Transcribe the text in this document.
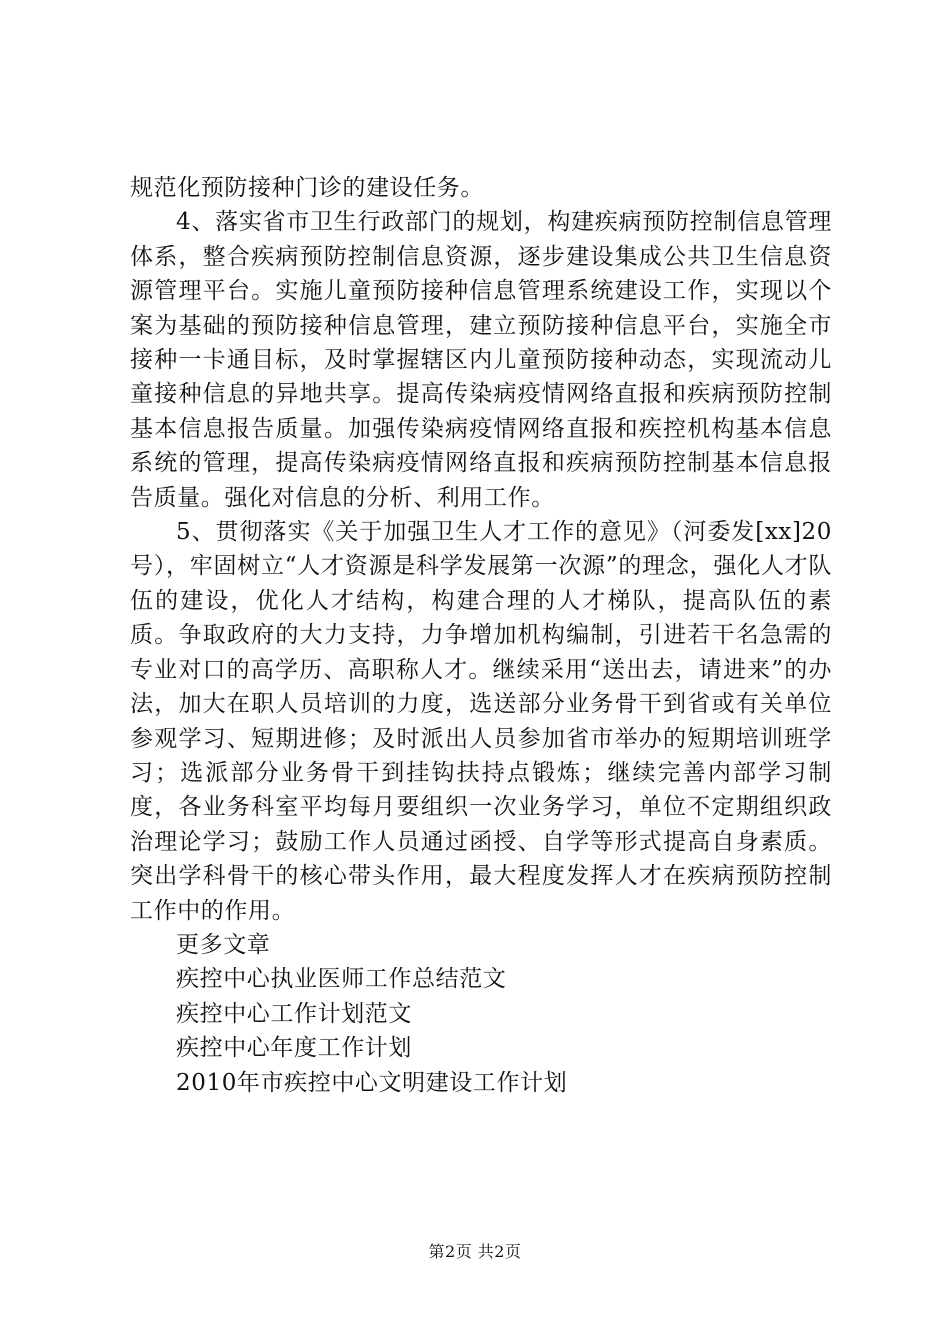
规范化预防接种门诊的建设任务。

4、落实省市卫生行政部门的规划，构建疾病预防控制信息管理体系，整合疾病预防控制信息资源，逐步建设集成公共卫生信息资源管理平台。实施儿童预防接种信息管理系统建设工作，实现以个案为基础的预防接种信息管理，建立预防接种信息平台，实施全市接种一卡通目标，及时掌握辖区内儿童预防接种动态，实现流动儿童接种信息的异地共享。提高传染病疫情网络直报和疾病预防控制基本信息报告质量。加强传染病疫情网络直报和疾控机构基本信息系统的管理，提高传染病疫情网络直报和疾病预防控制基本信息报告质量。强化对信息的分析、利用工作。

5、贯彻落实《关于加强卫生人才工作的意见》（河委发[xx]20号），牢固树立“人才资源是科学发展第一次源”的理念，强化人才队伍的建设，优化人才结构，构建合理的人才梯队，提高队伍的素质。争取政府的大力支持，力争增加机构编制，引进若干名急需的专业对口的高学历、高职称人才。继续采用“送出去，请进来”的办法，加大在职人员培训的力度，选送部分业务骨干到省或有关单位参观学习、短期进修；及时派出人员参加省市举办的短期培训班学习；选派部分业务骨干到挂钩扶持点锻炼；继续完善内部学习制度，各业务科室平均每月要组织一次业务学习，单位不定期组织政治理论学习；鼓励工作人员通过函授、自学等形式提高自身素质。突出学科骨干的核心带头作用，最大程度发挥人才在疾病预防控制工作中的作用。

更多文章

疾控中心执业医师工作总结范文
疾控中心工作计划范文
疾控中心年度工作计划
2010年市疾控中心文明建设工作计划
第2页 共2页
